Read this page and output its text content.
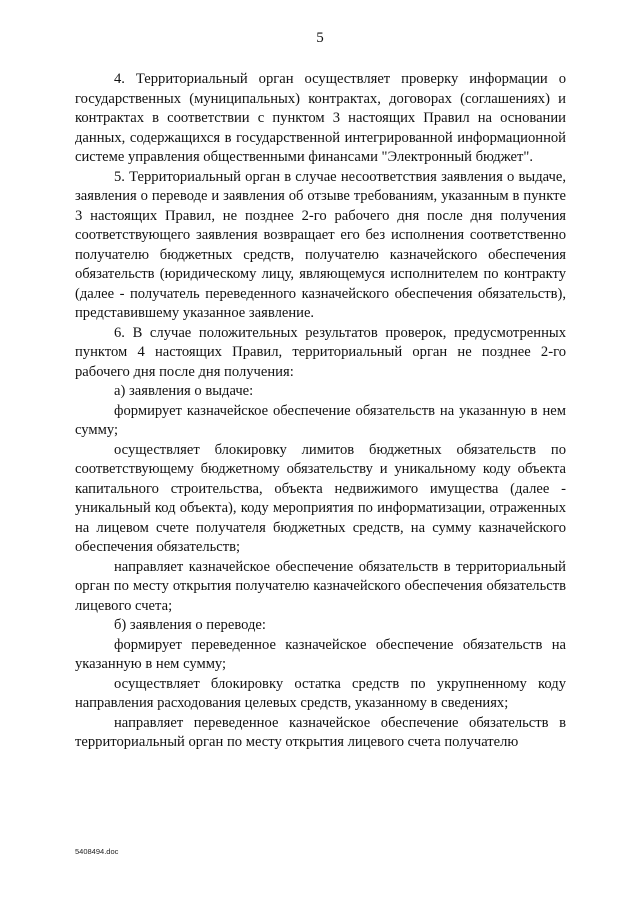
5

4. Территориальный орган осуществляет проверку информации о государственных (муниципальных) контрактах, договорах (соглашениях) и контрактах в соответствии с пунктом 3 настоящих Правил на основании данных, содержащихся в государственной интегрированной информационной системе управления общественными финансами "Электронный бюджет".

5. Территориальный орган в случае несоответствия заявления о выдаче, заявления о переводе и заявления об отзыве требованиям, указанным в пункте 3 настоящих Правил, не позднее 2-го рабочего дня после дня получения соответствующего заявления возвращает его без исполнения соответственно получателю бюджетных средств, получателю казначейского обеспечения обязательств (юридическому лицу, являющемуся исполнителем по контракту (далее - получатель переведенного казначейского обеспечения обязательств), представившему указанное заявление.

6. В случае положительных результатов проверок, предусмотренных пунктом 4 настоящих Правил, территориальный орган не позднее 2-го рабочего дня после дня получения:

а) заявления о выдаче:

формирует казначейское обеспечение обязательств на указанную в нем сумму;

осуществляет блокировку лимитов бюджетных обязательств по соответствующему бюджетному обязательству и уникальному коду объекта капитального строительства, объекта недвижимого имущества (далее - уникальный код объекта), коду мероприятия по информатизации, отраженных на лицевом счете получателя бюджетных средств, на сумму казначейского обеспечения обязательств;

направляет казначейское обеспечение обязательств в территориальный орган по месту открытия получателю казначейского обеспечения обязательств лицевого счета;

б) заявления о переводе:

формирует переведенное казначейское обеспечение обязательств на указанную в нем сумму;

осуществляет блокировку остатка средств по укрупненному коду направления расходования целевых средств, указанному в сведениях;

направляет переведенное казначейское обеспечение обязательств в территориальный орган по месту открытия лицевого счета получателю

5408494.doc
